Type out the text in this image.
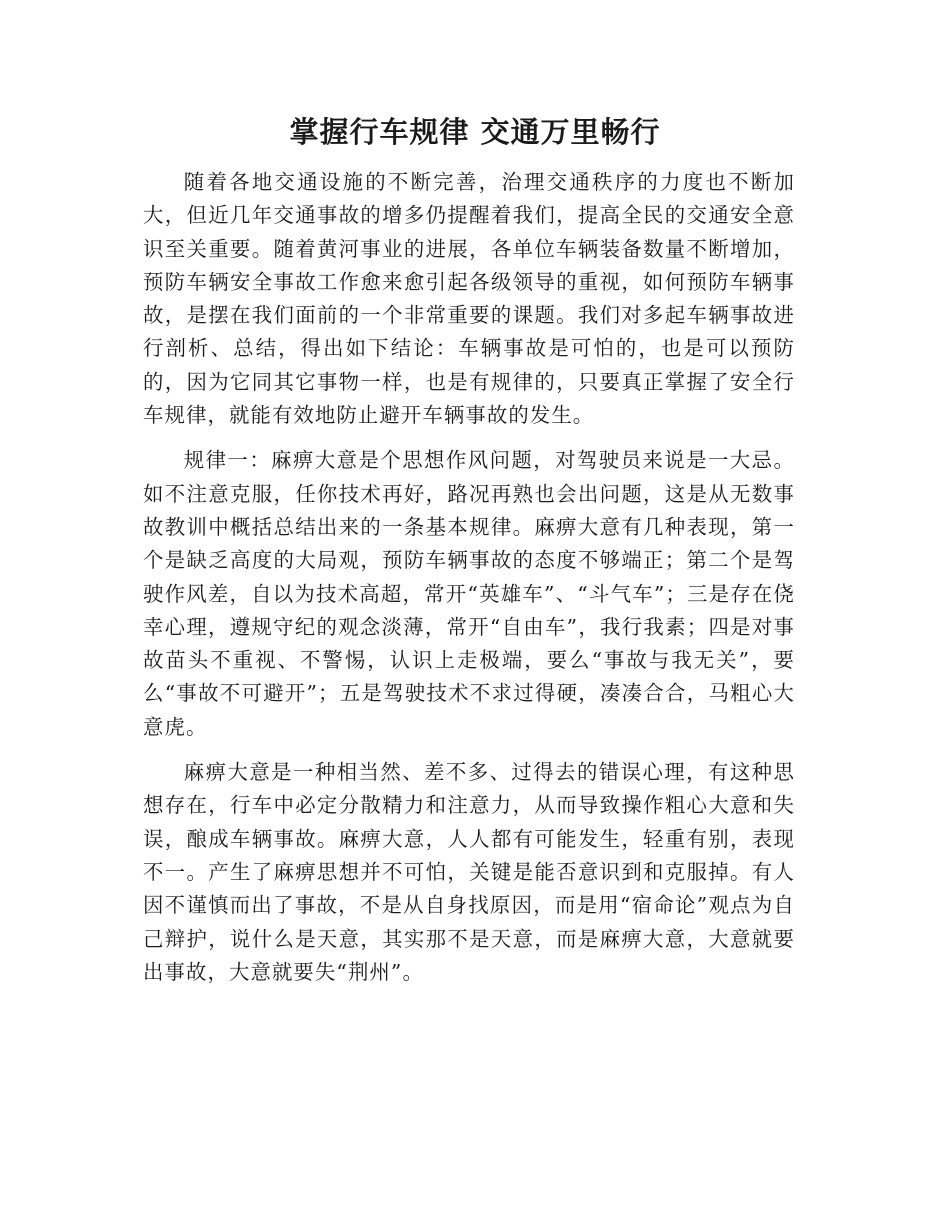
掌握行车规律 交通万里畅行

随着各地交通设施的不断完善，治理交通秩序的力度也不断加大，但近几年交通事故的增多仍提醒着我们，提高全民的交通安全意识至关重要。随着黄河事业的进展，各单位车辆装备数量不断增加，预防车辆安全事故工作愈来愈引起各级领导的重视，如何预防车辆事故，是摆在我们面前的一个非常重要的课题。我们对多起车辆事故进行剖析、总结，得出如下结论：车辆事故是可怕的，也是可以预防的，因为它同其它事物一样，也是有规律的，只要真正掌握了安全行车规律，就能有效地防止避开车辆事故的发生。

规律一：麻痹大意是个思想作风问题，对驾驶员来说是一大忌。如不注意克服，任你技术再好，路况再熟也会出问题，这是从无数事故教训中概括总结出来的一条基本规律。麻痹大意有几种表现，第一个是缺乏高度的大局观，预防车辆事故的态度不够端正；第二个是驾驶作风差，自以为技术高超，常开“英雄车”、“斗气车”；三是存在侥幸心理，遵规守纪的观念淡薄，常开“自由车”，我行我素；四是对事故苗头不重视、不警惕，认识上走极端，要么“事故与我无关”，要么“事故不可避开”；五是驾驶技术不求过得硬，凑凑合合，马粗心大意虎。

麻痹大意是一种相当然、差不多、过得去的错误心理，有这种思想存在，行车中必定分散精力和注意力，从而导致操作粗心大意和失误，酿成车辆事故。麻痹大意，人人都有可能发生，轻重有别，表现不一。产生了麻痹思想并不可怕，关键是能否意识到和克服掉。有人因不谨慎而出了事故，不是从自身找原因，而是用“宿命论”观点为自己辩护，说什么是天意，其实那不是天意，而是麻痹大意，大意就要出事故，大意就要失“荆州”。
